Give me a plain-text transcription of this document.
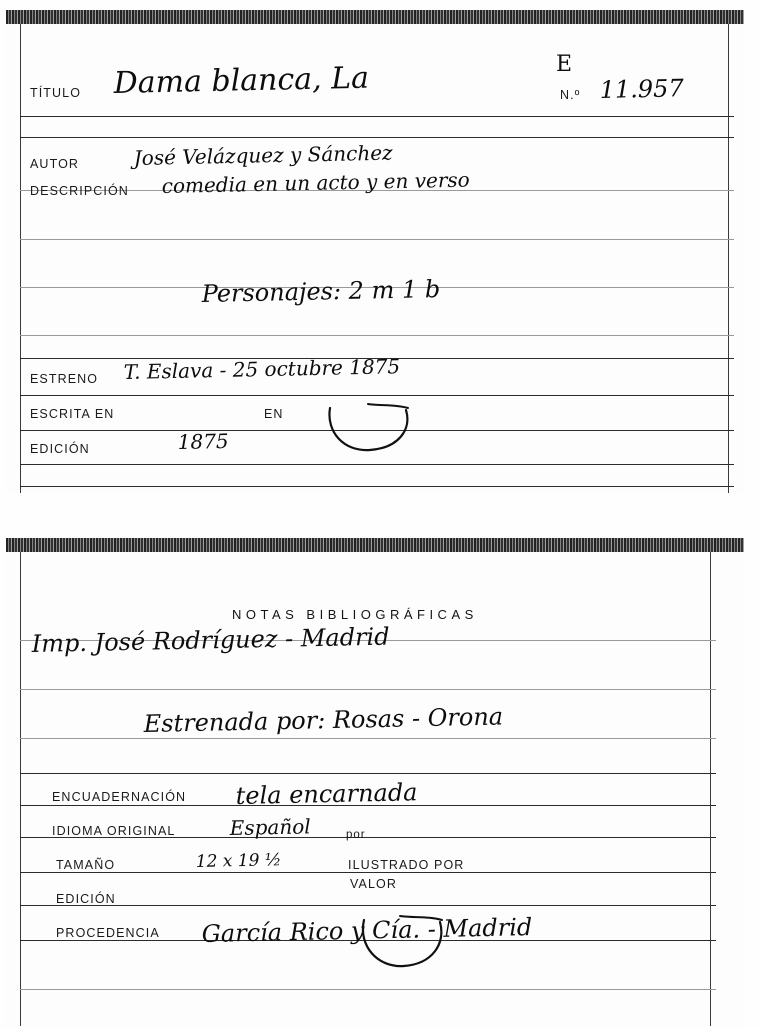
E
TÍTULO Dama blanca, La	N.º 11.957
AUTOR	José Velázquez y Sánchez
DESCRIPCIÓN comedia en un acto y en verso
Personajes: 2 m 1 b
ESTRENO T. Eslava - 25 octubre 1875
ESCRITA EN	EN
EDICIÓN	1875
NOTAS BIBLIOGRÁFICAS
Imp. José Rodríguez - Madrid
Estrenada por: Rosas - Orona
ENCUADERNACIÓN tela encarnada
IDIOMA ORIGINAL	Español	por
TAMAÑO	12 x 19 ½	ILUSTRADO POR
EDICIÓN
VALOR
PROCEDENCIA García Rico y Cía. - Madrid
